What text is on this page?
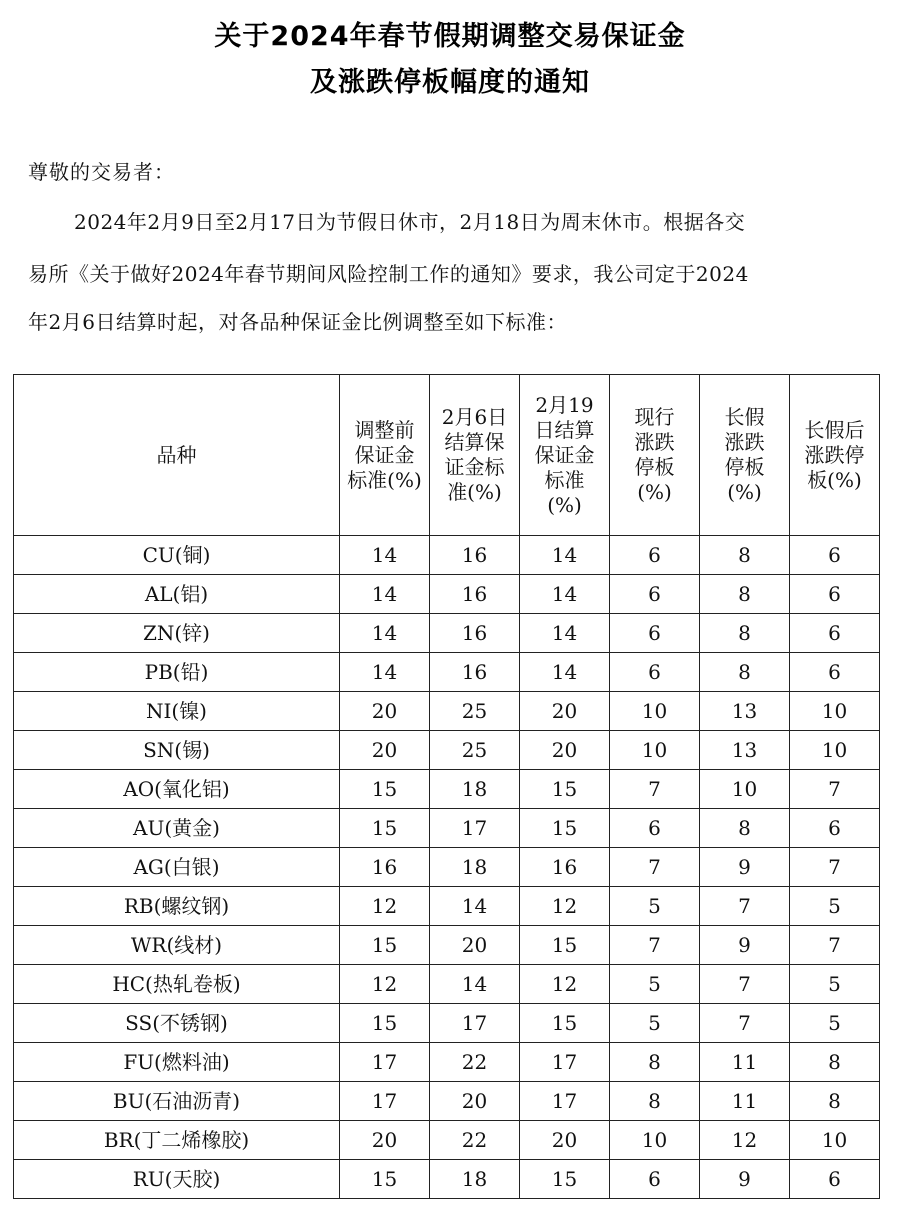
关于2024年春节假期调整交易保证金
及涨跌停板幅度的通知
尊敬的交易者：
2024年2月9日至2月17日为节假日休市，2月18日为周末休市。根据各交
易所《关于做好2024年春节期间风险控制工作的通知》要求，我公司定于2024
年2月6日结算时起，对各品种保证金比例调整至如下标准：
品种	调整前
保证金
标准(%)	2月6日
结算保
证金标
准(%)	2月19
日结算
保证金
标准
(%)	现行
涨跌
停板
(%)	长假
涨跌
停板
(%)	长假后
涨跌停
板(%)

CU(铜)	14	16	14	6	8	6
AL(铝)	14	16	14	6	8	6
ZN(锌)	14	16	14	6	8	6
PB(铅)	14	16	14	6	8	6
NI(镍)	20	25	20	10	13	10
SN(锡)	20	25	20	10	13	10
AO(氧化铝)	15	18	15	7	10	7
AU(黄金)	15	17	15	6	8	6
AG(白银)	16	18	16	7	9	7
RB(螺纹钢)	12	14	12	5	7	5
WR(线材)	15	20	15	7	9	7
HC(热轧卷板)	12	14	12	5	7	5
SS(不锈钢)	15	17	15	5	7	5
FU(燃料油)	17	22	17	8	11	8
BU(石油沥青)	17	20	17	8	11	8
BR(丁二烯橡胶)	20	22	20	10	12	10
RU(天胶)	15	18	15	6	9	6
